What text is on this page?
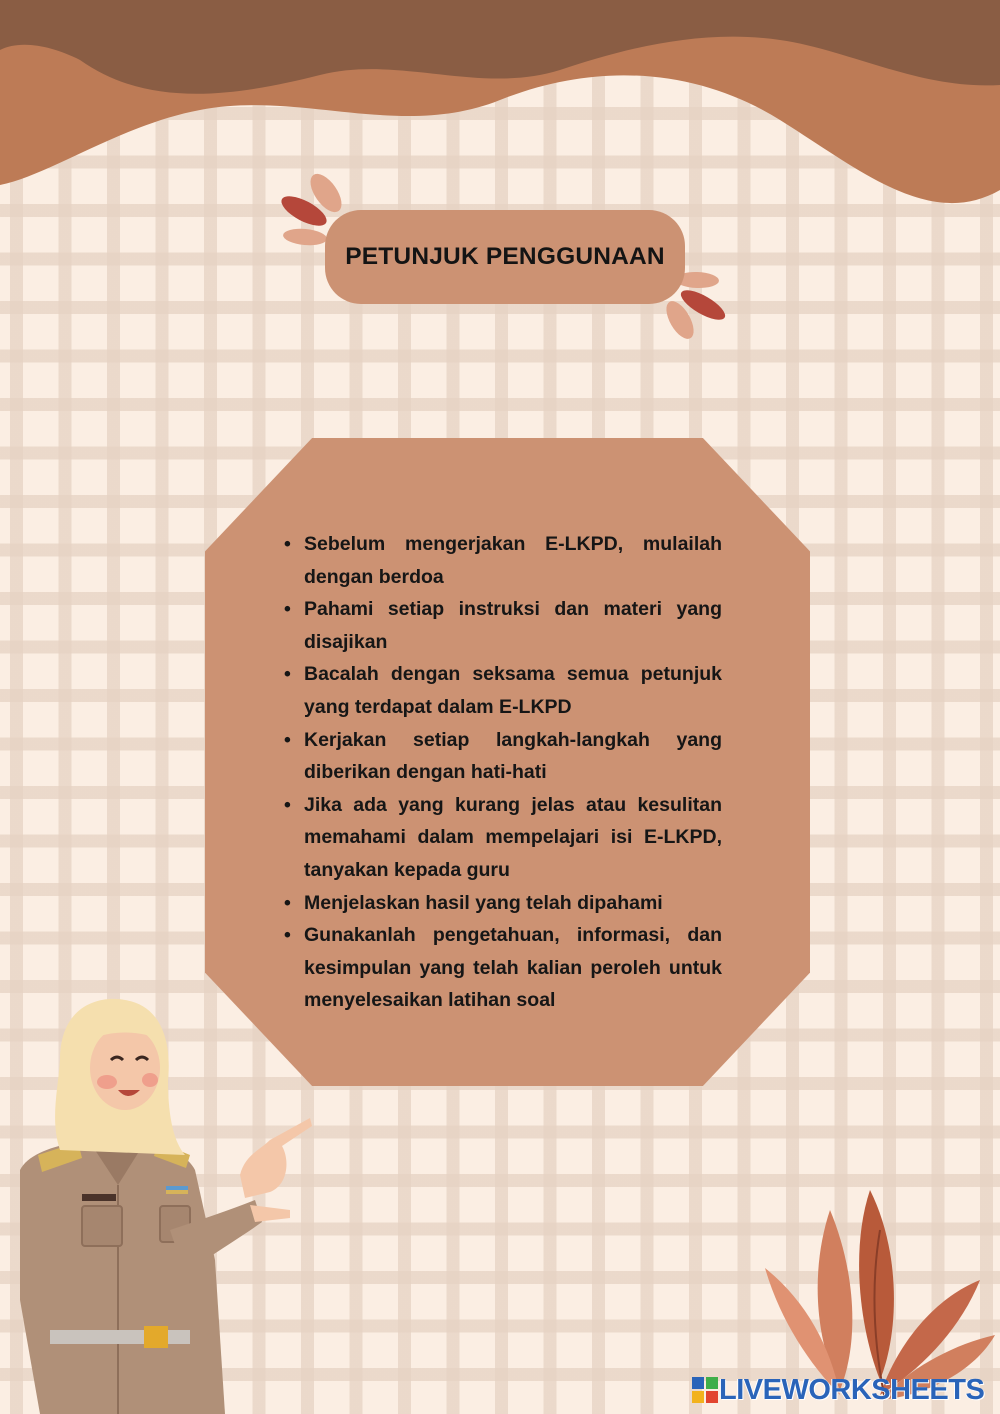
PETUNJUK PENGGUNAAN
• Sebelum mengerjakan E-LKPD, mulailah dengan berdoa
• Pahami setiap instruksi dan materi yang disajikan
• Bacalah dengan seksama semua petunjuk yang terdapat dalam E-LKPD
• Kerjakan setiap langkah-langkah yang diberikan dengan hati-hati
• Jika ada yang kurang jelas atau kesulitan memahami dalam mempelajari isi E-LKPD, tanyakan kepada guru
• Menjelaskan hasil yang telah dipahami
• Gunakanlah pengetahuan, informasi, dan kesimpulan yang telah kalian peroleh untuk menyelesaikan latihan soal
LIVEWORKSHEETS
